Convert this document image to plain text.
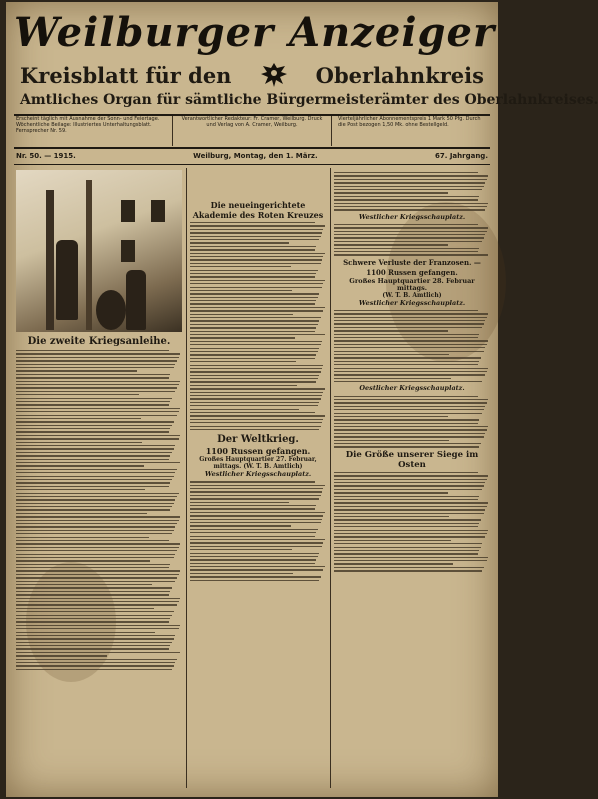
Weilburger Anzeiger
Kreisblatt für den	Oberlahnkreis
Amtliches Organ für sämtliche Bürgermeisterämter des Oberlahnkreises.
Erscheint täglich mit Ausnahme der Sonn- und Feiertage. Wöchentliche Beilage: Illustriertes Unterhaltungsblatt. Fernsprecher Nr. 59.
Verantwortlicher Redakteur: Fr. Cramer, Weilburg. Druck und Verlag von A. Cramer, Weilburg.
Vierteljährlicher Abonnementspreis 1 Mark 50 Pfg. Durch die Post bezogen 1,50 Mk. ohne Bestellgeld.
Nr. 50. — 1915.	Weilburg, Montag, den 1. März.	67. Jahrgang.
Die zweite Kriegsanleihe.
Die neueingerichtete Akademie des Roten Kreuzes
Der Weltkrieg.
1100 Russen gefangen.
Großes Hauptquartier 27. Februar, mittags. (W. T. B. Amtlich)
Westlicher Kriegsschauplatz.
Westlicher Kriegsschauplatz.
Schwere Verluste der Franzosen. — 1100 Russen gefangen.
Großes Hauptquartier 28. Februar mittags.
(W. T. B. Amtlich)
Westlicher Kriegsschauplatz.
Oestlicher Kriegsschauplatz.
Die Größe unserer Siege im Osten
